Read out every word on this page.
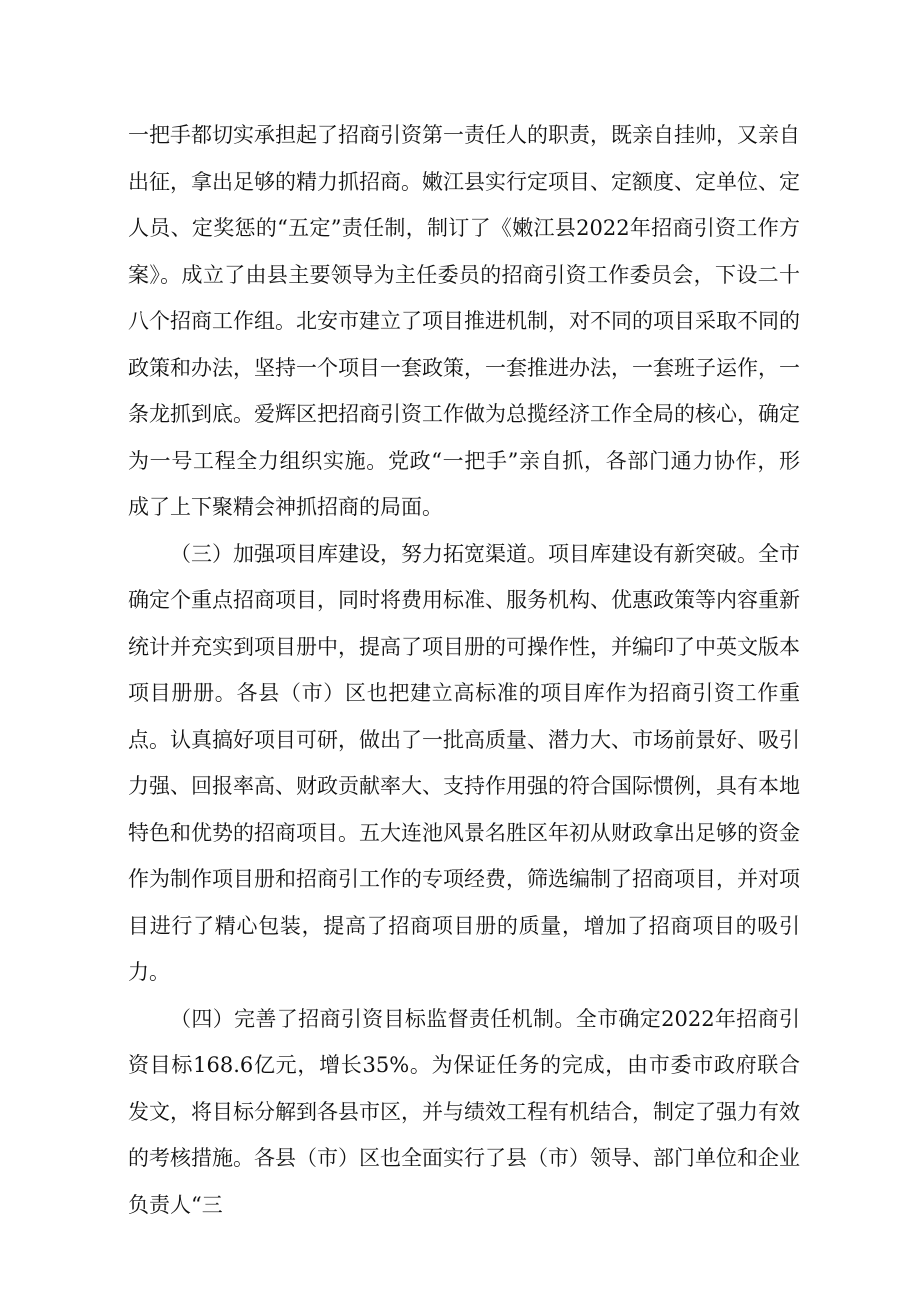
一把手都切实承担起了招商引资第一责任人的职责，既亲自挂帅，又亲自出征，拿出足够的精力抓招商。嫩江县实行定项目、定额度、定单位、定人员、定奖惩的“五定”责任制，制订了《嫩江县2022年招商引资工作方案》。成立了由县主要领导为主任委员的招商引资工作委员会，下设二十八个招商工作组。北安市建立了项目推进机制，对不同的项目采取不同的政策和办法，坚持一个项目一套政策，一套推进办法，一套班子运作，一条龙抓到底。爱辉区把招商引资工作做为总揽经济工作全局的核心，确定为一号工程全力组织实施。党政“一把手”亲自抓，各部门通力协作，形成了上下聚精会神抓招商的局面。

（三）加强项目库建设，努力拓宽渠道。项目库建设有新突破。全市确定个重点招商项目，同时将费用标准、服务机构、优惠政策等内容重新统计并充实到项目册中，提高了项目册的可操作性，并编印了中英文版本项目册册。各县（市）区也把建立高标准的项目库作为招商引资工作重点。认真搞好项目可研，做出了一批高质量、潜力大、市场前景好、吸引力强、回报率高、财政贡献率大、支持作用强的符合国际惯例，具有本地特色和优势的招商项目。五大连池风景名胜区年初从财政拿出足够的资金作为制作项目册和招商引工作的专项经费，筛选编制了招商项目，并对项目进行了精心包装，提高了招商项目册的质量，增加了招商项目的吸引力。

（四）完善了招商引资目标监督责任机制。全市确定2022年招商引资目标168.6亿元，增长35%。为保证任务的完成，由市委市政府联合发文，将目标分解到各县市区，并与绩效工程有机结合，制定了强力有效的考核措施。各县（市）区也全面实行了县（市）领导、部门单位和企业负责人“三
